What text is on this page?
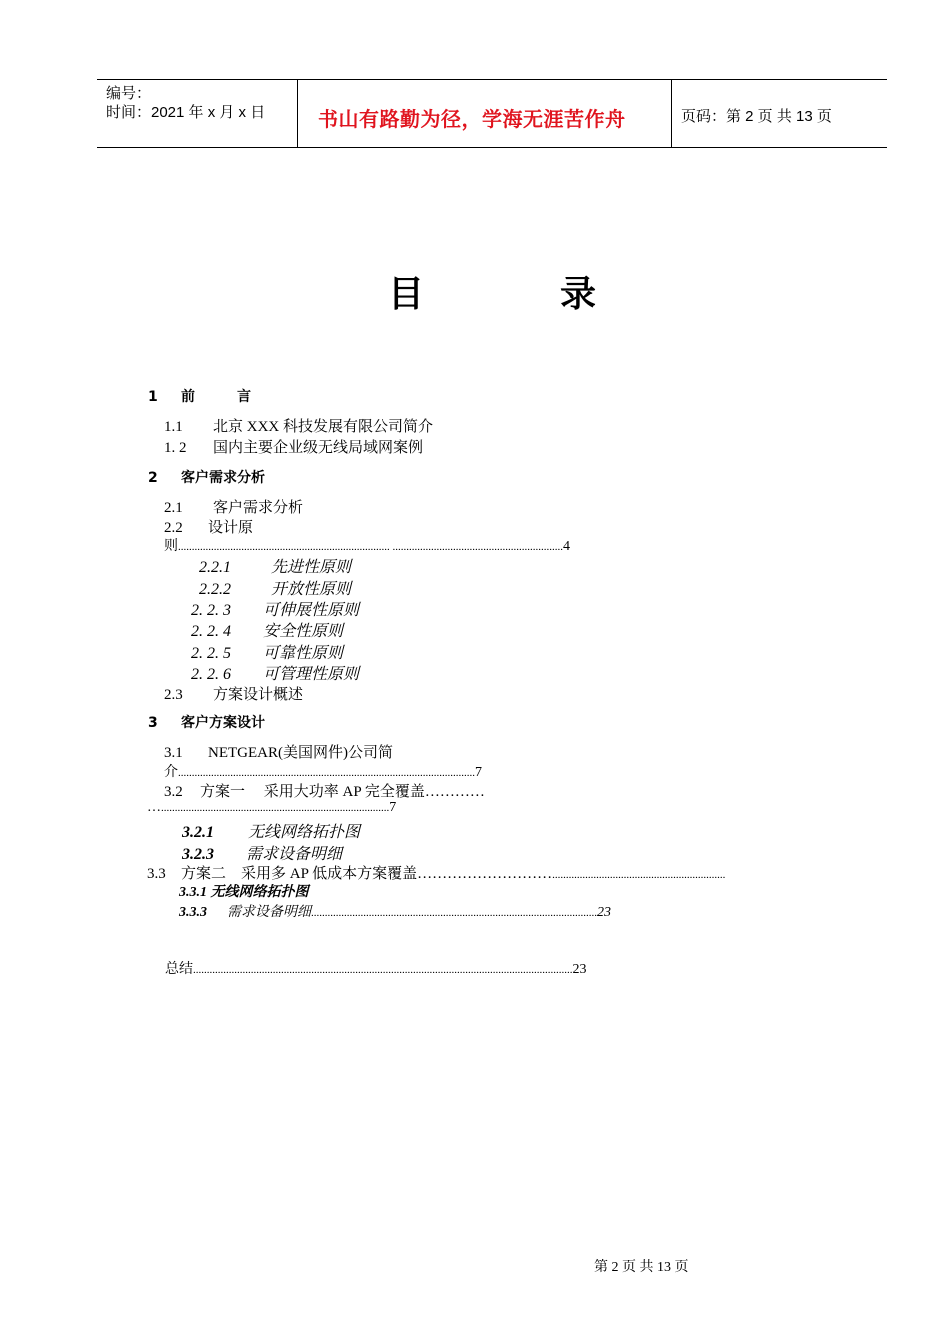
编号：
时间：2021 年 x 月 x 日	书山有路勤为径，学海无涯苦作舟	页码：第 2 页 共 13 页
目	录
1 前　　　言
1.1 北京 XXX 科技发展有限公司简介
1. 2 国内主要企业级无线局域网案例
2 客户需求分析
2.1 客户需求分析
2.2 设计原
则............................................................................. ..............................................................4
2.2.1	先进性原则
2.2.2	开放性原则
2. 2. 3 可伸展性原则
2. 2. 4 安全性原则
2. 2. 5 可靠性原则
2. 2. 6 可管理性原则
2.3 方案设计概述
3 客户方案设计
3.1 NETGEAR(美国网件)公司简
介............................................................................................................7
3.2 方案一　 采用大功率 AP 完全覆盖…………
…...................................................................................7
3.2.1 无线网络拓扑图
3.2.3 需求设备明细
3.3 方案二　采用多 AP 低成本方案覆盖………………………...............................................................
3.3.1 无线网络拓扑图
3.3.3 需求设备明细........................................................................................................23
总结..........................................................................................................................................23
第 2 页 共 13 页
